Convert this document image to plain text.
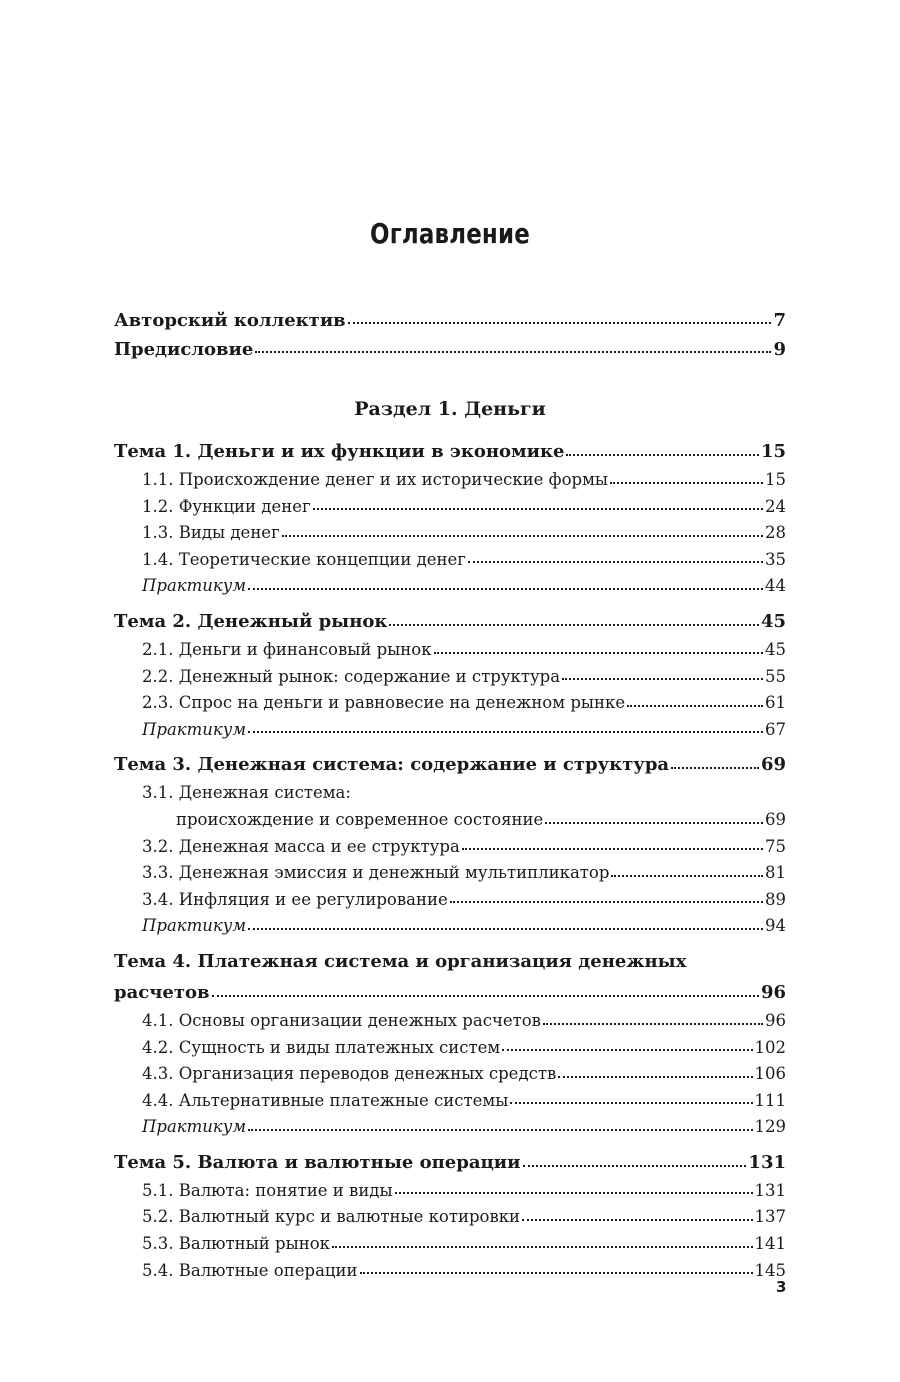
Оглавление
Авторский коллектив	7
Предисловие	9
Раздел 1. Деньги
Тема 1. Деньги и их функции в экономике	15
1.1. Происхождение денег и их исторические формы	15
1.2. Функции денег	24
1.3. Виды денег	28
1.4. Теоретические концепции денег	35
Практикум	44
Тема 2. Денежный рынок	45
2.1. Деньги и финансовый рынок	45
2.2. Денежный рынок: содержание и структура	55
2.3. Спрос на деньги и равновесие на денежном рынке	61
Практикум	67
Тема 3. Денежная система: содержание и структура	69
3.1. Денежная система:
происхождение и современное состояние	69
3.2. Денежная масса и ее структура	75
3.3. Денежная эмиссия и денежный мультипликатор	81
3.4. Инфляция и ее регулирование	89
Практикум	94
Тема 4. Платежная система и организация денежных
расчетов	96
4.1. Основы организации денежных расчетов	96
4.2. Сущность и виды платежных систем	102
4.3. Организация переводов денежных средств	106
4.4. Альтернативные платежные системы	111
Практикум	129
Тема 5. Валюта и валютные операции	131
5.1. Валюта: понятие и виды	131
5.2. Валютный курс и валютные котировки	137
5.3. Валютный рынок	141
5.4. Валютные операции	145
3
